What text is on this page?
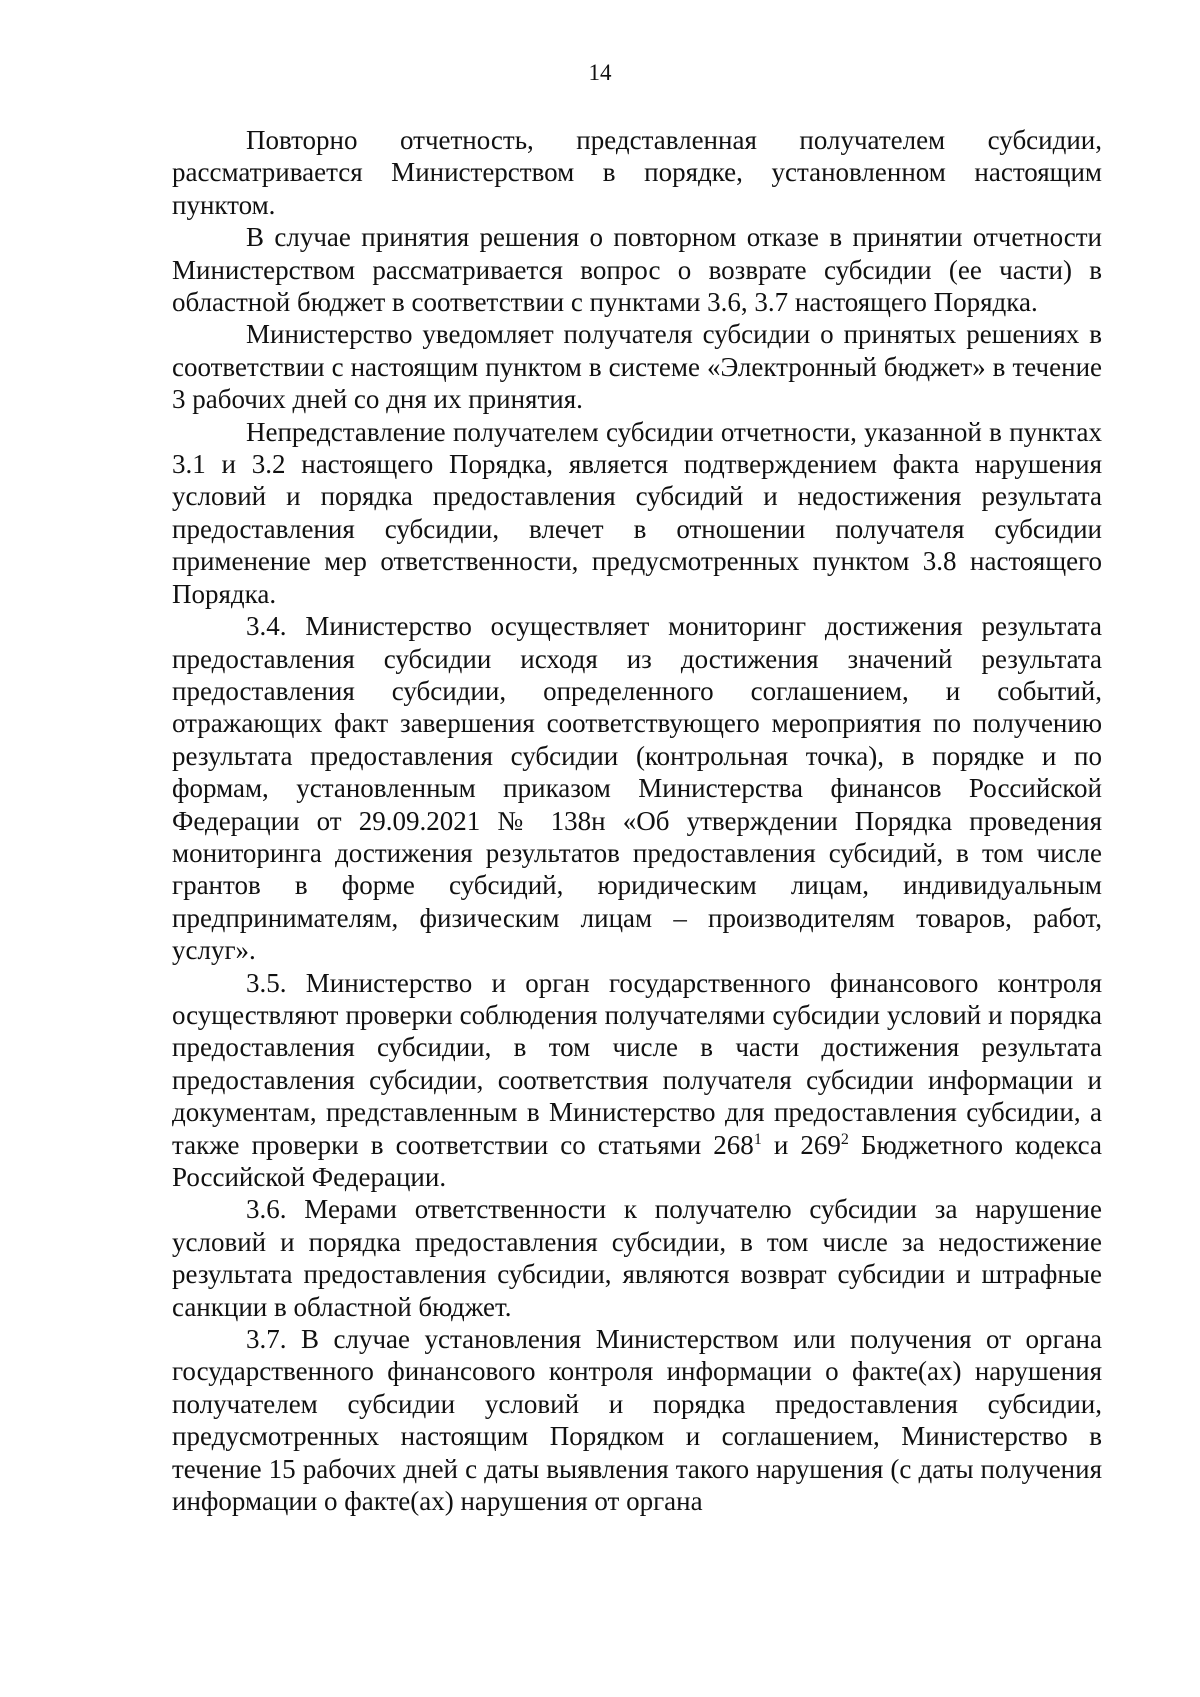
14

Повторно отчетность, представленная получателем субсидии, рассматривается Министерством в порядке, установленном настоящим пунктом.

В случае принятия решения о повторном отказе в принятии отчетности Министерством рассматривается вопрос о возврате субсидии (ее части) в областной бюджет в соответствии с пунктами 3.6, 3.7 настоящего Порядка.

Министерство уведомляет получателя субсидии о принятых решениях в соответствии с настоящим пунктом в системе «Электронный бюджет» в течение 3 рабочих дней со дня их принятия.

Непредставление получателем субсидии отчетности, указанной в пунктах 3.1 и 3.2 настоящего Порядка, является подтверждением факта нарушения условий и порядка предоставления субсидий и недостижения результата предоставления субсидии, влечет в отношении получателя субсидии применение мер ответственности, предусмотренных пунктом 3.8 настоящего Порядка.

3.4. Министерство осуществляет мониторинг достижения результата предоставления субсидии исходя из достижения значений результата предоставления субсидии, определенного соглашением, и событий, отражающих факт завершения соответствующего мероприятия по получению результата предоставления субсидии (контрольная точка), в порядке и по формам, установленным приказом Министерства финансов Российской Федерации от 29.09.2021 № 138н «Об утверждении Порядка проведения мониторинга достижения результатов предоставления субсидий, в том числе грантов в форме субсидий, юридическим лицам, индивидуальным предпринимателям, физическим лицам – производителям товаров, работ, услуг».

3.5. Министерство и орган государственного финансового контроля осуществляют проверки соблюдения получателями субсидии условий и порядка предоставления субсидии, в том числе в части достижения результата предоставления субсидии, соответствия получателя субсидии информации и документам, представленным в Министерство для предоставления субсидии, а также проверки в соответствии со статьями $268^1$ и $269^2$ Бюджетного кодекса Российской Федерации.

3.6. Мерами ответственности к получателю субсидии за нарушение условий и порядка предоставления субсидии, в том числе за недостижение результата предоставления субсидии, являются возврат субсидии и штрафные санкции в областной бюджет.

3.7. В случае установления Министерством или получения от органа государственного финансового контроля информации о факте(ах) нарушения получателем субсидии условий и порядка предоставления субсидии, предусмотренных настоящим Порядком и соглашением, Министерство в течение 15 рабочих дней с даты выявления такого нарушения (с даты получения информации о факте(ах) нарушения от органа
